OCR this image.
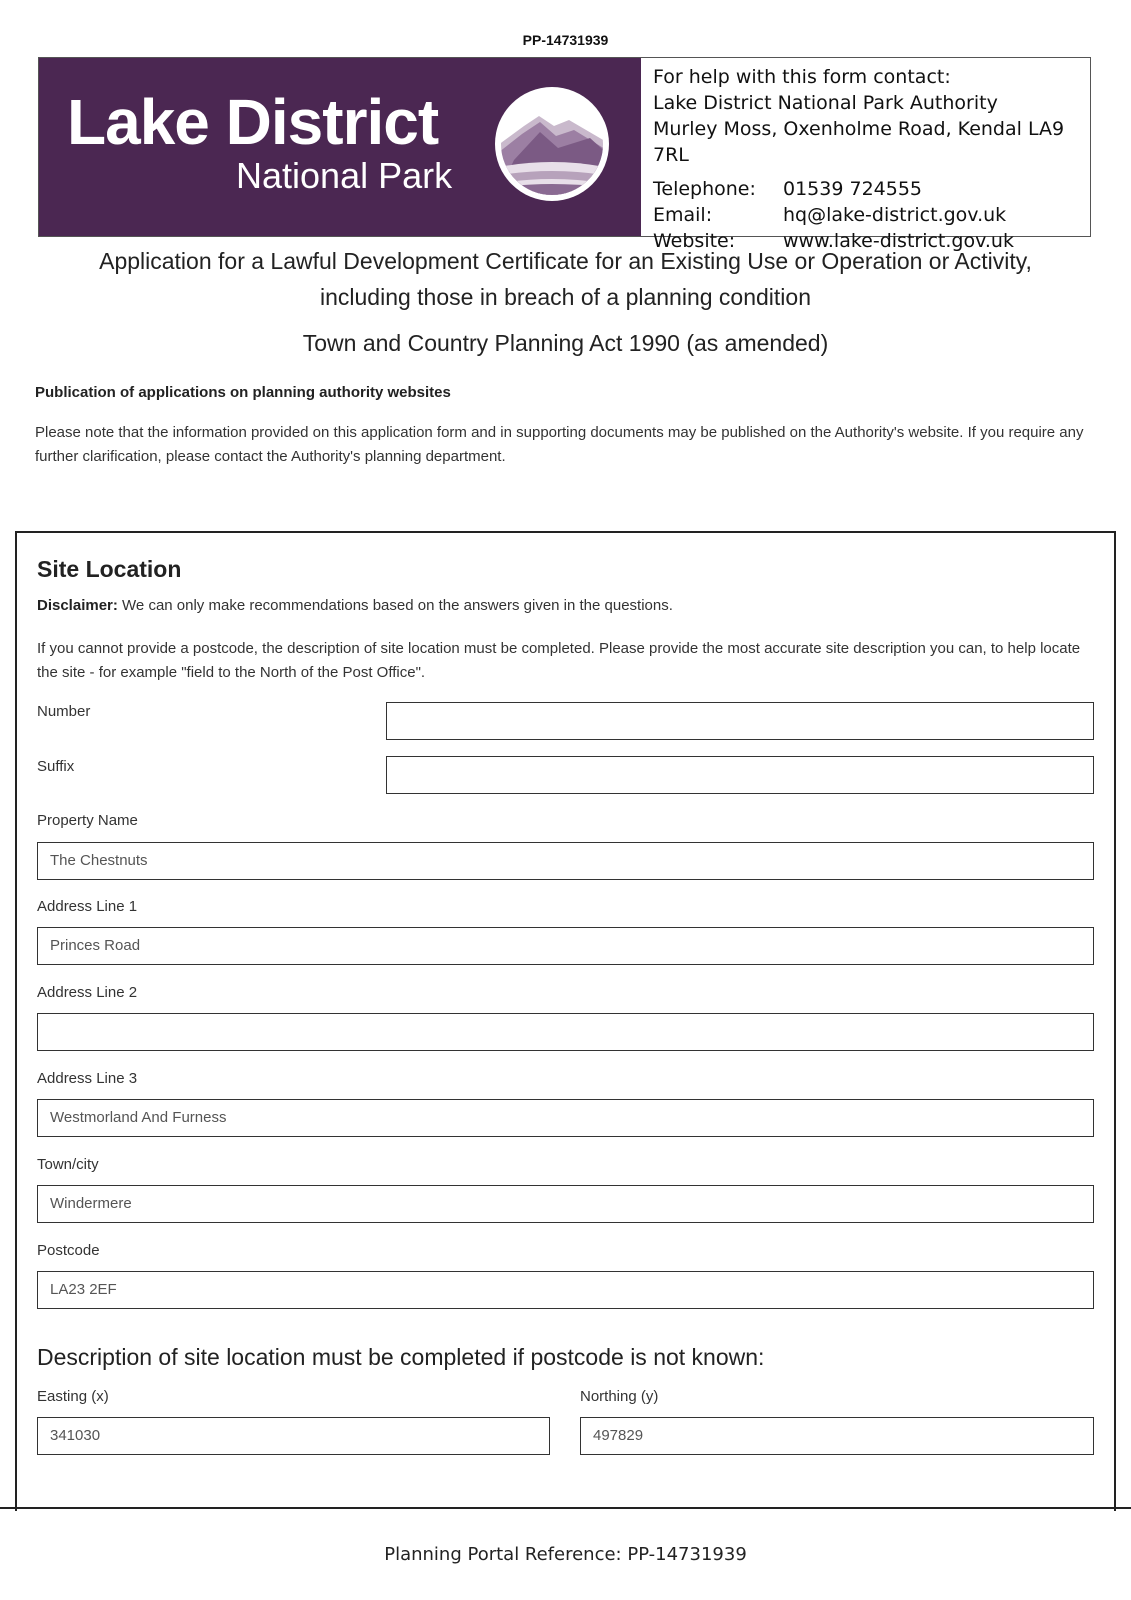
PP-14731939
Lake District
National Park
For help with this form contact:
Lake District National Park Authority
Murley Moss, Oxenholme Road, Kendal LA9 7RL
Telephone:	01539 724555
Email:	hq@lake-district.gov.uk
Website:	www.lake-district.gov.uk
Application for a Lawful Development Certificate for an Existing Use or Operation or Activity,
including those in breach of a planning condition
Town and Country Planning Act 1990 (as amended)
Publication of applications on planning authority websites
Please note that the information provided on this application form and in supporting documents may be published on the Authority's website. If you require any further clarification, please contact the Authority's planning department.
Site Location
Disclaimer: We can only make recommendations based on the answers given in the questions.
If you cannot provide a postcode, the description of site location must be completed. Please provide the most accurate site description you can, to help locate the site - for example "field to the North of the Post Office".
Number
Suffix
Property Name
The Chestnuts
Address Line 1
Princes Road
Address Line 2
Address Line 3
Westmorland And Furness
Town/city
Windermere
Postcode
LA23 2EF
Description of site location must be completed if postcode is not known:
Easting (x)
341030
Northing (y)
497829
Planning Portal Reference: PP-14731939
